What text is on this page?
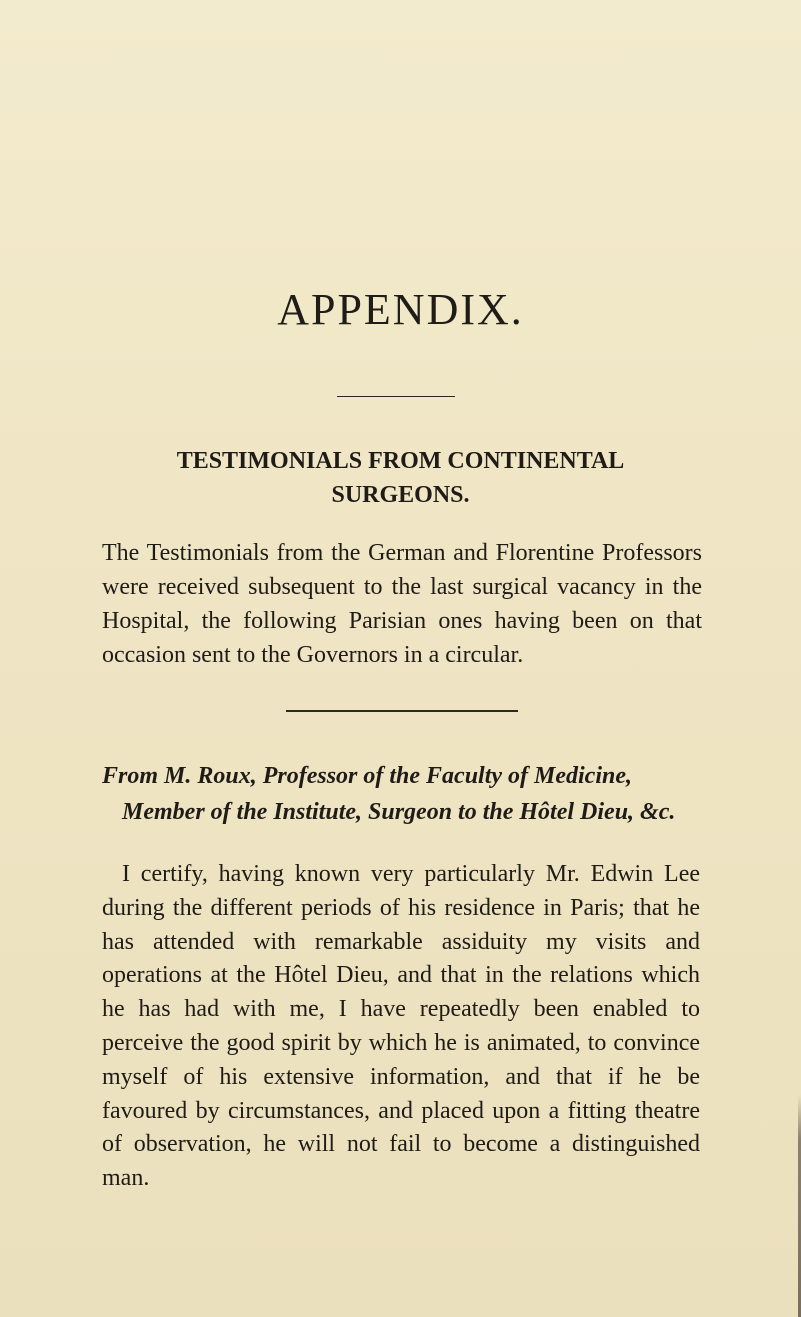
APPENDIX.
TESTIMONIALS FROM CONTINENTAL
SURGEONS.
The Testimonials from the German and Florentine Professors were received subsequent to the last surgical vacancy in the Hospital, the following Parisian ones having been on that occasion sent to the Governors in a circular.
From M. Roux, Professor of the Faculty of Medicine,
Member of the Institute, Surgeon to the Hôtel Dieu, &c.

I certify, having known very particularly Mr. Edwin Lee during the different periods of his residence in Paris; that he has attended with remarkable assiduity my visits and operations at the Hôtel Dieu, and that in the relations which he has had with me, I have repeatedly been enabled to perceive the good spirit by which he is animated, to convince myself of his extensive information, and that if he be favoured by circumstances, and placed upon a fitting theatre of observation, he will not fail to become a distinguished man.
